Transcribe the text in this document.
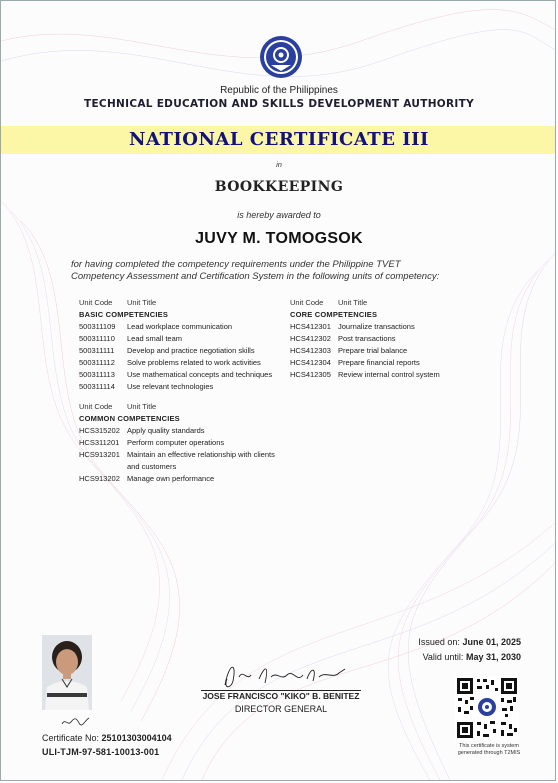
Republic of the Philippines
TECHNICAL EDUCATION AND SKILLS DEVELOPMENT AUTHORITY
NATIONAL CERTIFICATE III
in
BOOKKEEPING
is hereby awarded to
JUVY M. TOMOGSOK
for having completed the competency requirements under the Philippine TVET
Competency Assessment and Certification System in the following units of competency:
Unit Code	Unit Title
BASIC COMPETENCIES
500311109	Lead workplace communication
500311110	Lead small team
500311111	Develop and practice negotiation skills
500311112	Solve problems related to work activities
500311113	Use mathematical concepts and techniques
500311114	Use relevant technologies
Unit Code	Unit Title
CORE COMPETENCIES
HCS412301 Journalize transactions
HCS412302 Post transactions
HCS412303 Prepare trial balance
HCS412304 Prepare financial reports
HCS412305 Review internal control system
Unit Code	Unit Title
COMMON COMPETENCIES
HCS315202 Apply quality standards
HCS311201	Perform computer operations
HCS913201 Maintain an effective relationship with clients
and customers
HCS913202 Manage own performance
Certificate No: 25101303004104
ULI-TJM-97-581-10013-001
JOSE FRANCISCO "KIKO" B. BENITEZ
DIRECTOR GENERAL
Issued on: June 01, 2025
Valid until: May 31, 2030
This certificate is system
generated through T2MIS
